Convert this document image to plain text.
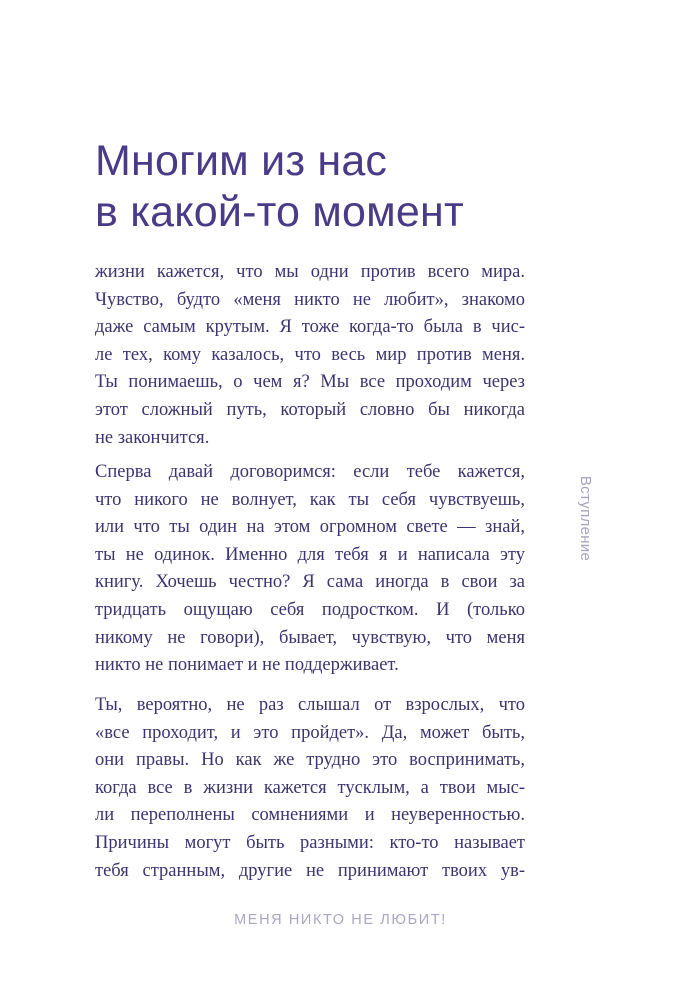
Многим из нас
в какой-то момент
жизни кажется, что мы одни против всего мира.
Чувство, будто «меня никто не любит», знакомо
даже самым крутым. Я тоже когда-то была в чис-
ле тех, кому казалось, что весь мир против меня.
Ты понимаешь, о чем я? Мы все проходим через
этот сложный путь, который словно бы никогда
не закончится.
Сперва давай договоримся: если тебе кажется,
что никого не волнует, как ты себя чувствуешь,
или что ты один на этом огромном свете — знай,
ты не одинок. Именно для тебя я и написала эту
книгу. Хочешь честно? Я сама иногда в свои за
тридцать ощущаю себя подростком. И (только
никому не говори), бывает, чувствую, что меня
никто не понимает и не поддерживает.
Ты, вероятно, не раз слышал от взрослых, что
«все проходит, и это пройдет». Да, может быть,
они правы. Но как же трудно это воспринимать,
когда все в жизни кажется тусклым, а твои мыс-
ли переполнены сомнениями и неуверенностью.
Причины могут быть разными: кто-то называет
тебя странным, другие не принимают твоих ув-
Вступление
МЕНЯ НИКТО НЕ ЛЮБИТ!
